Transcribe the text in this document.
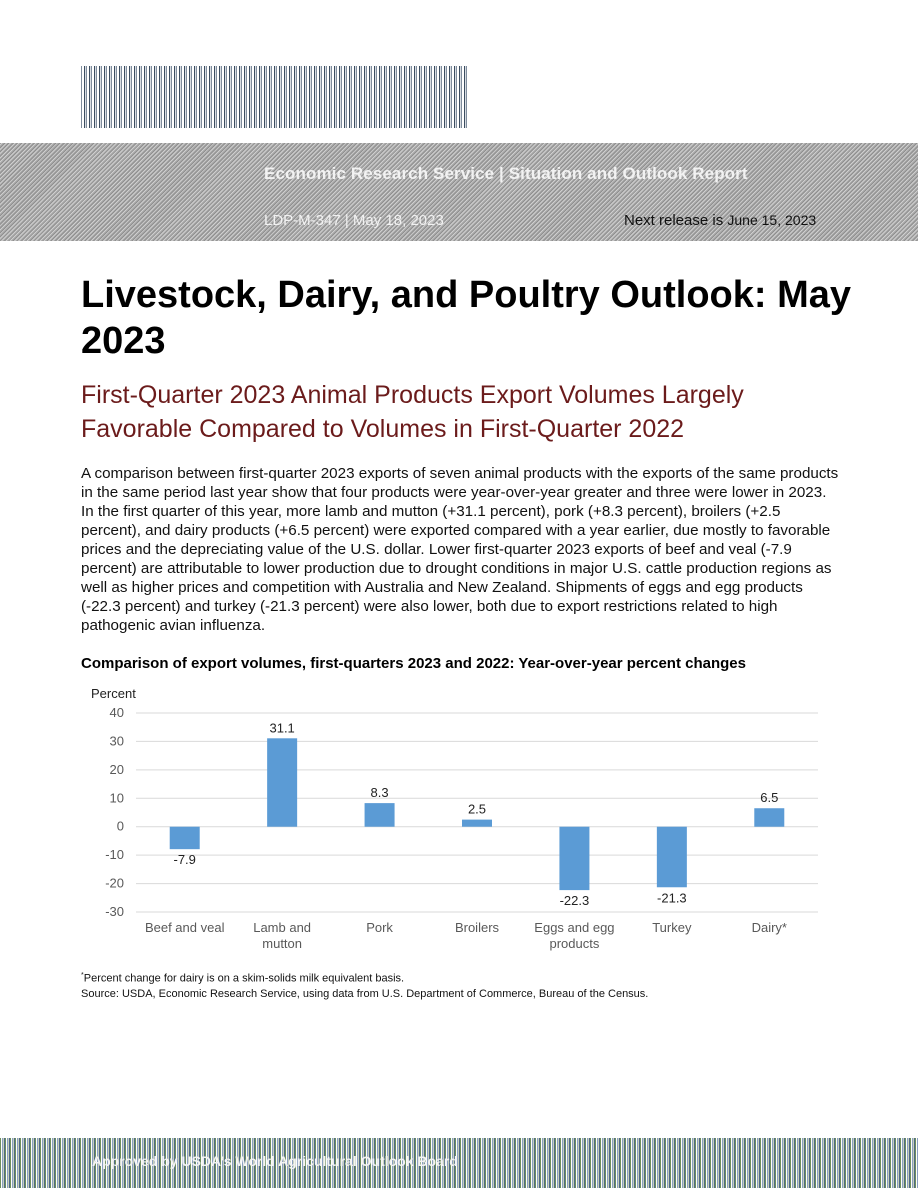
Economic Research Service | Situation and Outlook Report
LDP-M-347 | May 18, 2023	Next release is June 15, 2023
Livestock, Dairy, and Poultry Outlook: May 2023

First-Quarter 2023 Animal Products Export Volumes Largely Favorable Compared to Volumes in First-Quarter 2022

A comparison between first-quarter 2023 exports of seven animal products with the exports of the same products in the same period last year show that four products were year-over-year greater and three were lower in 2023. In the first quarter of this year, more lamb and mutton (+31.1 percent), pork (+8.3 percent), broilers (+2.5 percent), and dairy products (+6.5 percent) were exported compared with a year earlier, due mostly to favorable prices and the depreciating value of the U.S. dollar. Lower first-quarter 2023 exports of beef and veal (-7.9 percent) are attributable to lower production due to drought conditions in major U.S. cattle production regions as well as higher prices and competition with Australia and New Zealand. Shipments of eggs and egg products (-22.3 percent) and turkey (-21.3 percent) were also lower, both due to export restrictions related to high pathogenic avian influenza.

Comparison of export volumes, first-quarters 2023 and 2022: Year-over-year percent changes
Percent
40
30
20
10
0
-10
-20
-30
-7.9
Beef and veal
31.1
Lamb and
mutton
8.3
Pork
2.5
Broilers
-22.3
Eggs and egg
products
-21.3
Turkey
6.5
Dairy*
*Percent change for dairy is on a skim-solids milk equivalent basis.
Source: USDA, Economic Research Service, using data from U.S. Department of Commerce, Bureau of the Census.
Approved by USDA’s World Agricultural Outlook Board
